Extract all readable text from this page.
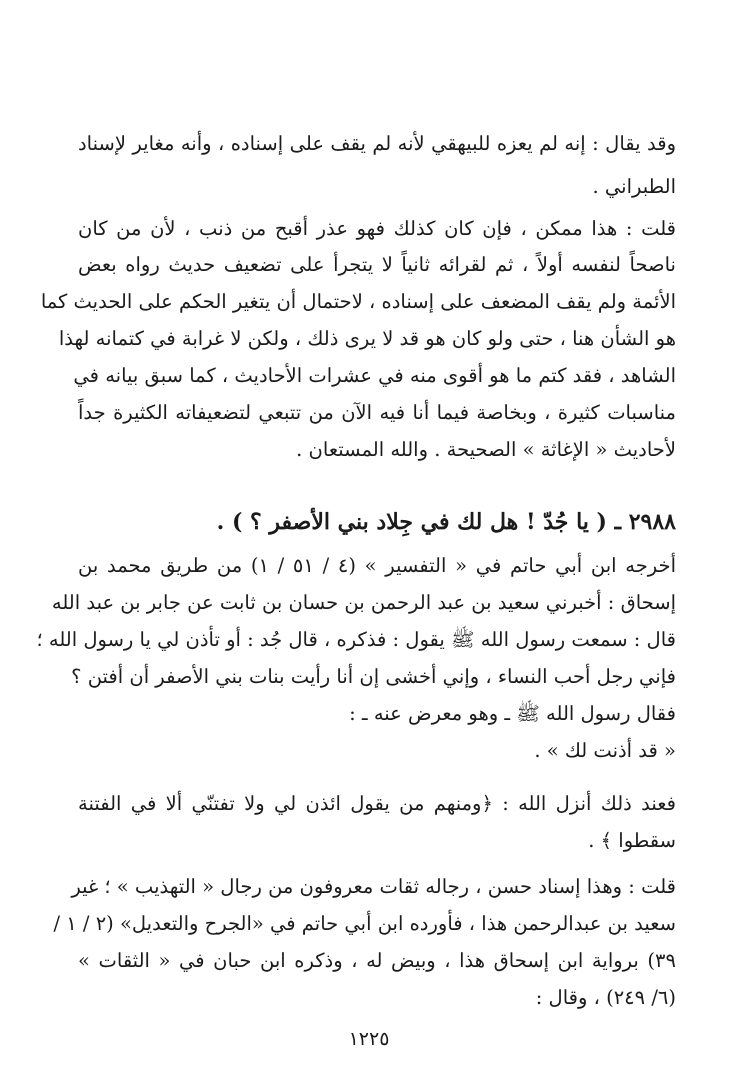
وقد يقال : إنه لم يعزه للبيهقي لأنه لم يقف على إسناده ، وأنه مغاير لإسناد
الطبراني .
قلت : هذا ممكن ، فإن كان كذلك فهو عذر أقبح من ذنب ، لأن من كان
ناصحاً لنفسه أولاً ، ثم لقرائه ثانياً لا يتجرأ على تضعيف حديث رواه بعض
الأئمة ولم يقف المضعف على إسناده ، لاحتمال أن يتغير الحكم على الحديث كما
هو الشأن هنا ، حتى ولو كان هو قد لا يرى ذلك ، ولكن لا غرابة في كتمانه لهذا
الشاهد ، فقد كتم ما هو أقوى منه في عشرات الأحاديث ، كما سبق بيانه في
مناسبات كثيرة ، وبخاصة فيما أنا فيه الآن من تتبعي لتضعيفاته الكثيرة جداً
لأحاديث « الإغاثة » الصحيحة . والله المستعان .
٢٩٨٨ ـ ( يا جُدّ ! هل لك في جِلاد بني الأصفر ؟ ) .
أخرجه ابن أبي حاتم في « التفسير » (٤ / ٥١ / ١) من طريق محمد بن
إسحاق : أخبرني سعيد بن عبد الرحمن بن حسان بن ثابت عن جابر بن عبد الله
قال : سمعت رسول الله ﷺ يقول : فذكره ، قال جُد : أو تأذن لي يا رسول الله ؛
فإني رجل أحب النساء ، وإني أخشى إن أنا رأيت بنات بني الأصفر أن أفتن ؟
فقال رسول الله ﷺ ـ وهو معرض عنه ـ :
« قد أذنت لك » .
فعند ذلك أنزل الله : ﴿ومنهم من يقول ائذن لي ولا تفتنّي ألا في الفتنة
سقطوا ﴾ .
قلت : وهذا إسناد حسن ، رجاله ثقات معروفون من رجال « التهذيب » ؛ غير
سعيد بن عبدالرحمن هذا ، فأورده ابن أبي حاتم في «الجرح والتعديل» (٢ / ١ /
٣٩) برواية ابن إسحاق هذا ، وبيض له ، وذكره ابن حبان في « الثقات »
(٦/ ٢٤٩) ، وقال :
١٢٢٥
